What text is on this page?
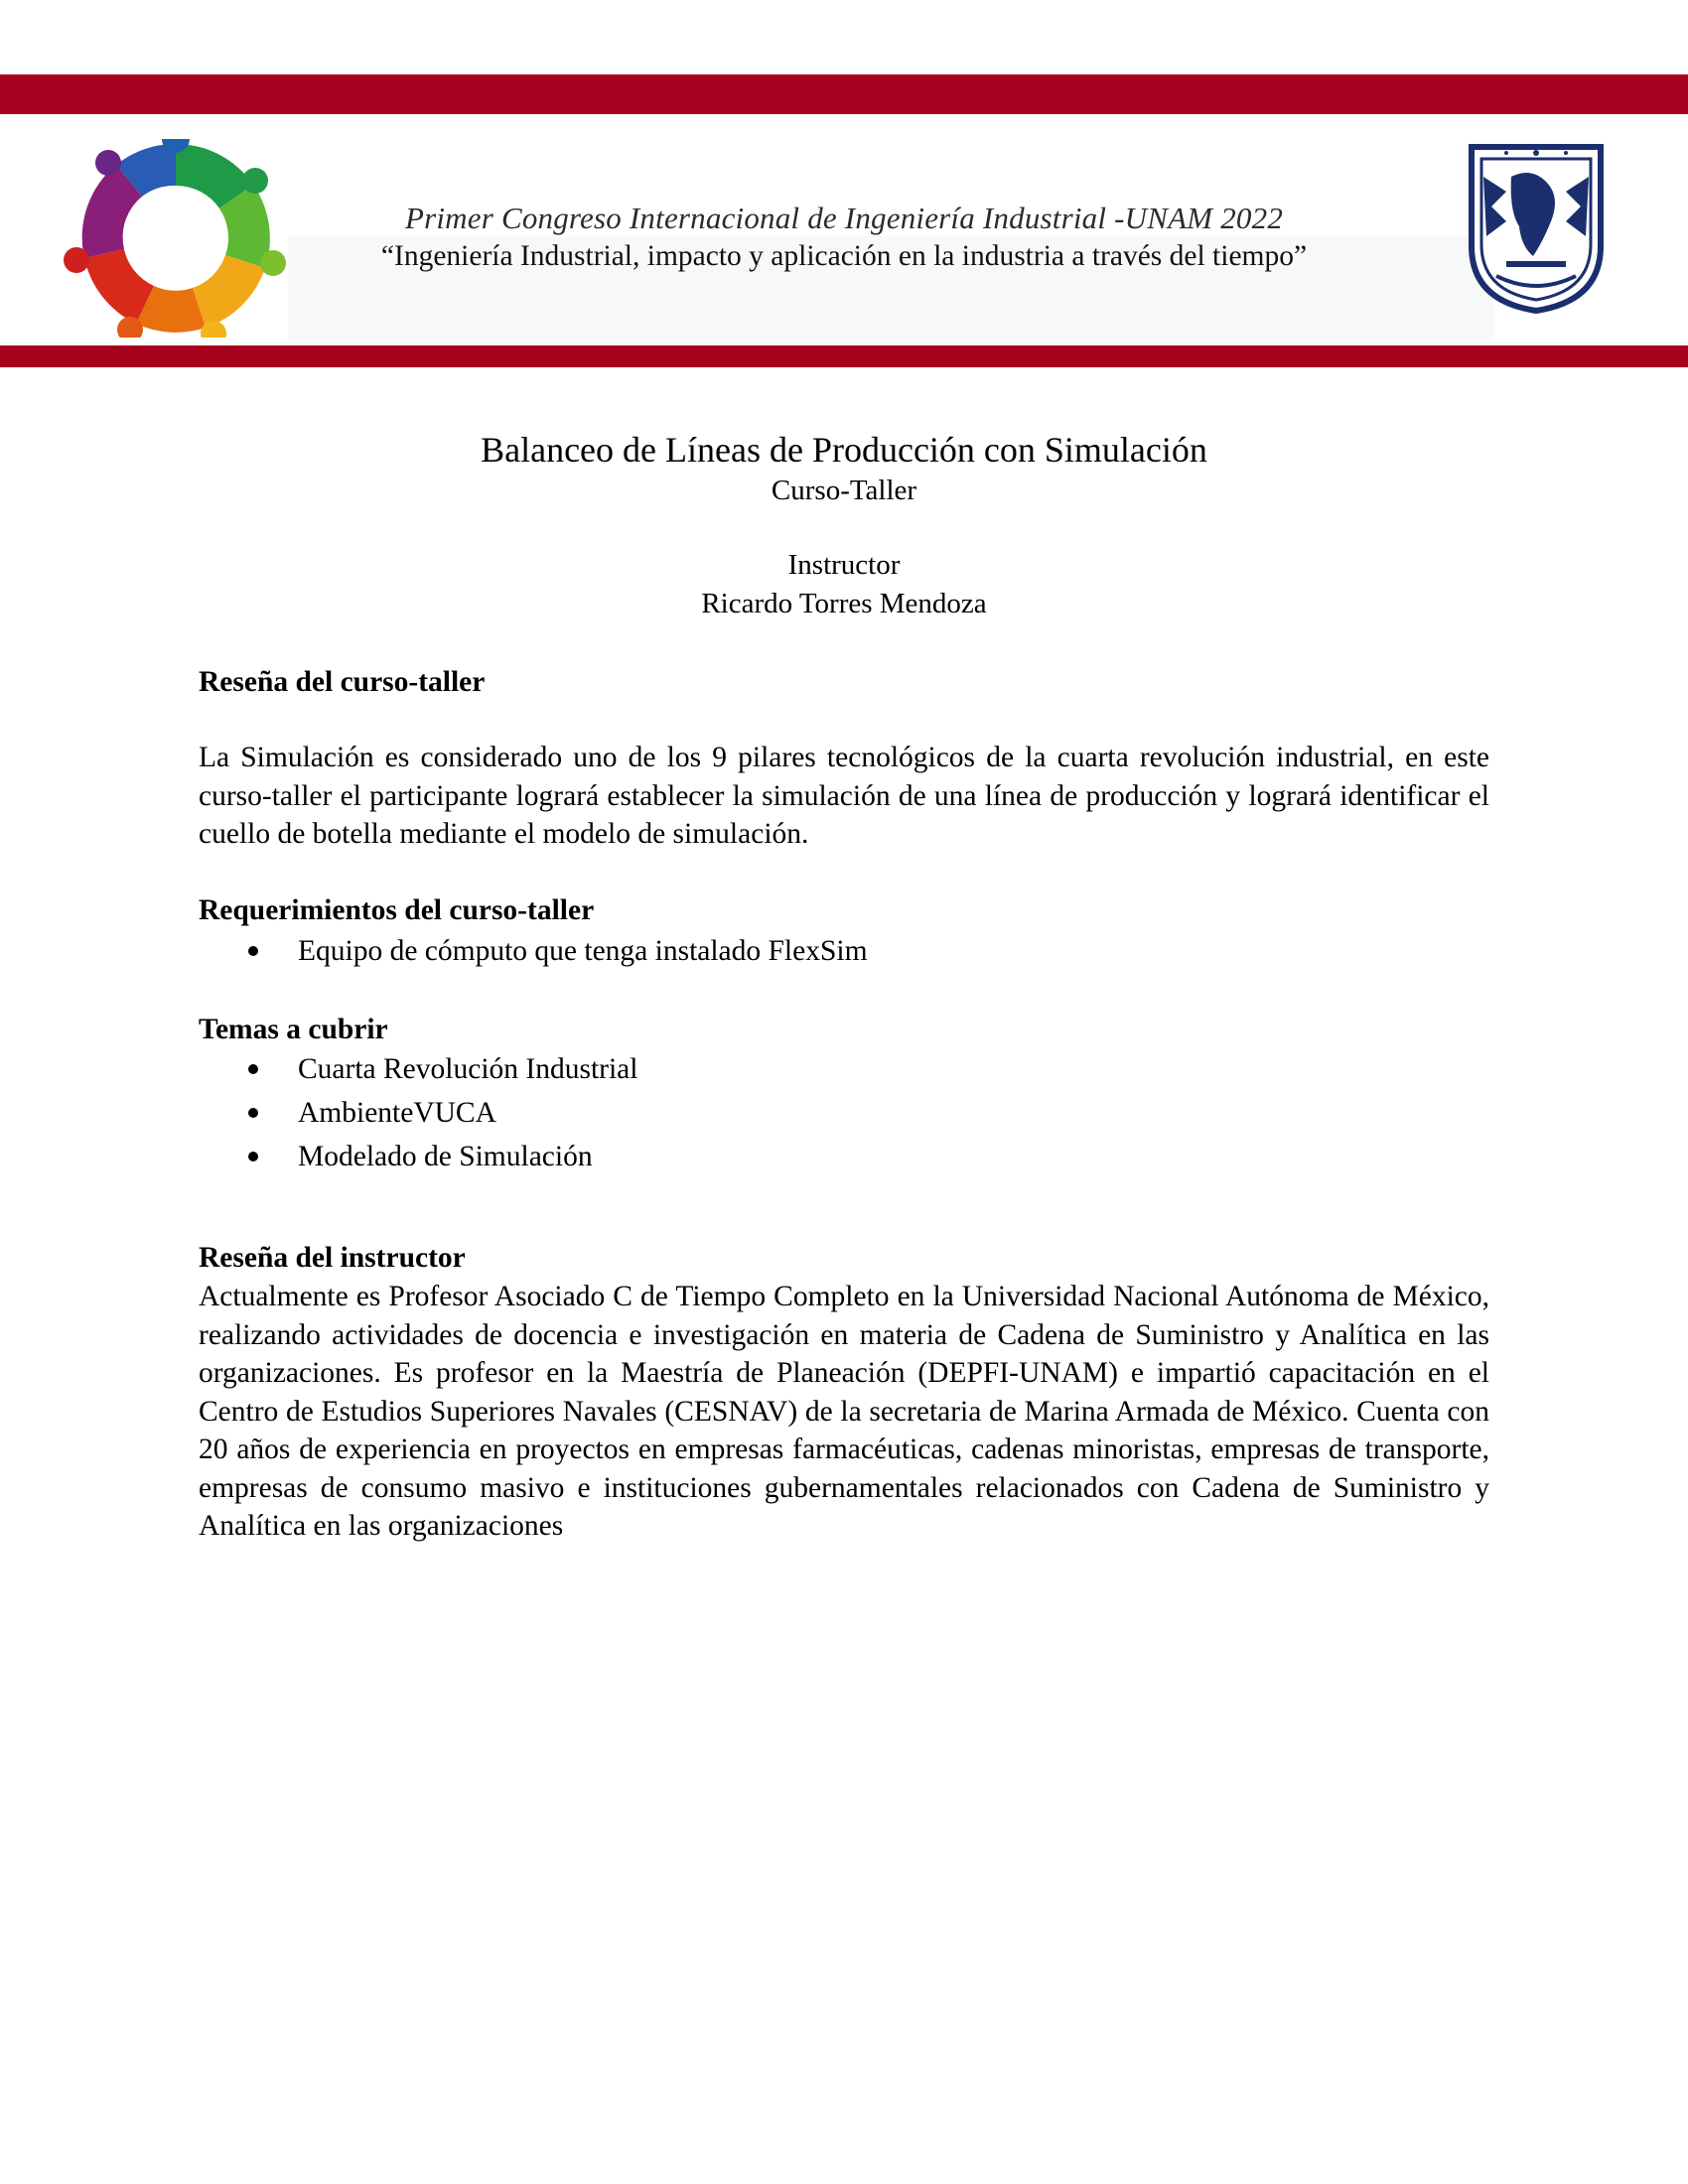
Primer Congreso Internacional de Ingeniería Industrial -UNAM 2022
“Ingeniería Industrial, impacto y aplicación en la industria a través del tiempo”
Balanceo de Líneas de Producción con Simulación
Curso-Taller
Instructor
Ricardo Torres Mendoza
Reseña del curso-taller
La Simulación es considerado uno de los 9 pilares tecnológicos de la cuarta revolución industrial, en este curso-taller el participante logrará establecer la simulación de una línea de producción y logrará identificar el cuello de botella mediante el modelo de simulación.
Requerimientos del curso-taller
Equipo de cómputo que tenga instalado FlexSim
Temas a cubrir
Cuarta Revolución Industrial
AmbienteVUCA
Modelado de Simulación
Reseña del instructor
Actualmente es Profesor Asociado C de Tiempo Completo en la Universidad Nacional Autónoma de México, realizando actividades de docencia e investigación en materia de Cadena de Suministro y Analítica en las organizaciones. Es profesor en la Maestría de Planeación (DEPFI-UNAM) e impartió capacitación en el Centro de Estudios Superiores Navales (CESNAV) de la secretaria de Marina Armada de México. Cuenta con 20 años de experiencia en proyectos en empresas farmacéuticas, cadenas minoristas, empresas de transporte, empresas de consumo masivo e instituciones gubernamentales relacionados con Cadena de Suministro y Analítica en las organizaciones
